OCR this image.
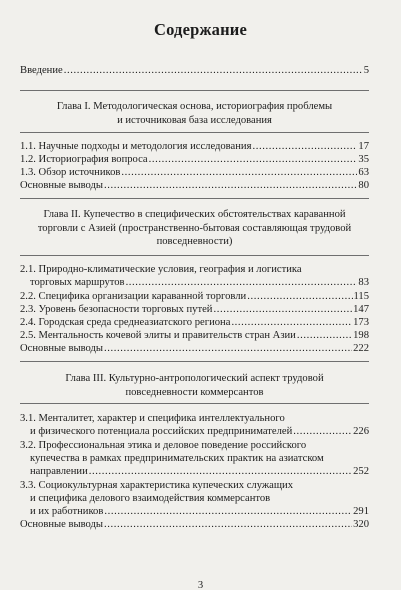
Содержание
Введение .....	5
Глава I. Методологическая основа, историография проблемы
и источниковая база исследования
1.1. Научные подходы и методология исследования .....	17
1.2. Историография вопроса .....	35
1.3. Обзор источников .....	63
Основные выводы .....	80
Глава II. Купечество в специфических обстоятельствах караванной
торговли с Азией (пространственно-бытовая составляющая трудовой
повседневности)
2.1. Природно-климатические условия, география и логистика
торговых маршрутов .....	83
2.2. Специфика организации караванной торговли .....	115
2.3. Уровень безопасности торговых путей .....	147
2.4. Городская среда среднеазиатского региона .....	173
2.5. Ментальность кочевой элиты и правительств стран Азии .....	198
Основные выводы .....	222
Глава III. Культурно-антропологический аспект трудовой
повседневности коммерсантов
3.1. Менталитет, характер и специфика интеллектуального
и физического потенциала российских предпринимателей .....	226
3.2. Профессиональная этика и деловое поведение российского
купечества в рамках предпринимательских практик на азиатском
направлении .....	252
3.3. Социокультурная характеристика купеческих служащих
и специфика делового взаимодействия коммерсантов
и их работников .....	291
Основные выводы .....	320
3
